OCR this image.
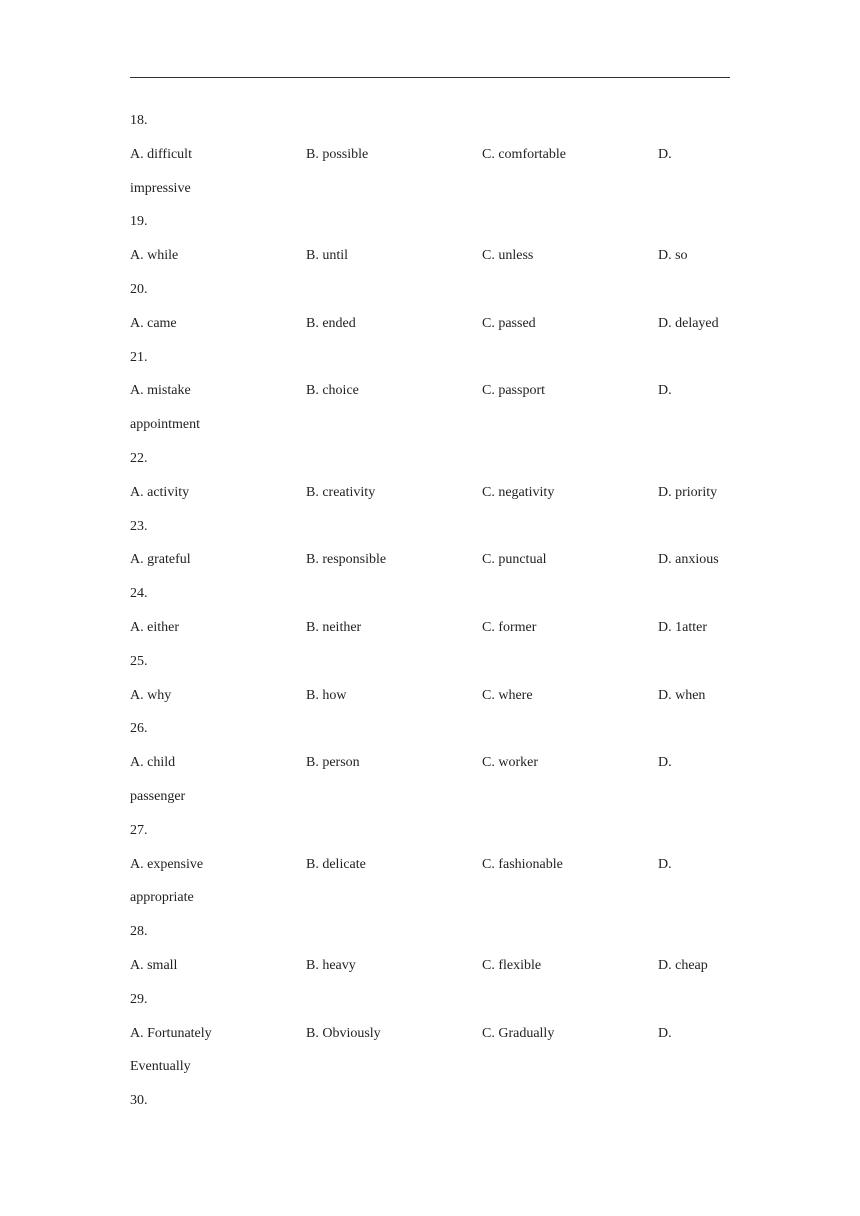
18.
A. difficult	B. possible	C. comfortable	D.
impressive
19.
A. while	B. until	C. unless	D. so
20.
A. came	B. ended	C. passed	D. delayed
21.
A. mistake	B. choice	C. passport	D.
appointment
22.
A. activity	B. creativity	C. negativity	D. priority
23.
A. grateful	B. responsible	C. punctual	D. anxious
24.
A. either	B. neither	C. former	D. 1atter
25.
A. why	B. how	C. where	D. when
26.
A. child	B. person	C. worker	D.
passenger
27.
A. expensive	B. delicate	C. fashionable	D.
appropriate
28.
A. small	B. heavy	C. flexible	D. cheap
29.
A. Fortunately	B. Obviously	C. Gradually	D.
Eventually
30.
